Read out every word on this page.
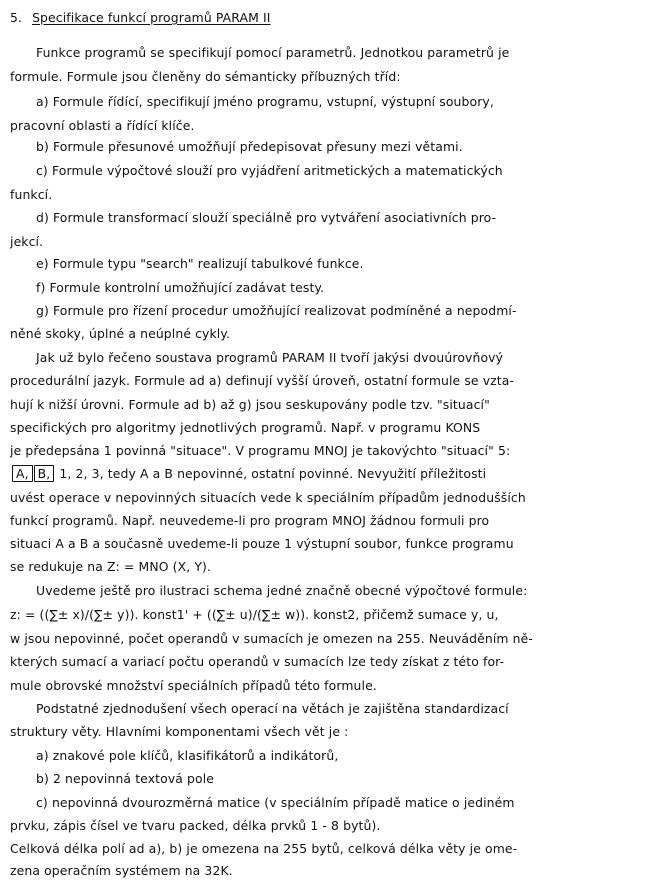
5. Specifikace funkcí programů PARAM II
Funkce programů se specifikují pomocí parametrů. Jednotkou parametrů je
formule. Formule jsou členěny do sémanticky příbuzných tříd:
a) Formule řídící, specifikují jméno programu, vstupní, výstupní soubory,
pracovní oblasti a řídící klíče.
b) Formule přesunové umožňují předepisovat přesuny mezi větami.
c) Formule výpočtové slouží pro vyjádření aritmetických a matematických
funkcí.
d) Formule transformací slouží speciálně pro vytváření asociativních pro-
jekcí.
e) Formule typu "search" realizují tabulkové funkce.
f) Formule kontrolní umožňující zadávat testy.
g) Formule pro řízení procedur umožňující realizovat podmíněné a nepodmí-
něné skoky, úplné a neúplné cykly.
Jak už bylo řečeno soustava programů PARAM II tvoří jakýsi dvouúrovňový
procedurální jazyk. Formule ad a) definují vyšší úroveň, ostatní formule se vzta-
hují k nižší úrovni. Formule ad b) až g) jsou seskupovány podle tzv. "situací"
specifických pro algoritmy jednotlivých programů. Např. v programu KONS
je předepsána 1 povinná "situace". V programu MNOJ je takovýchto "situací" 5:
A, B, 1, 2, 3, tedy A a B nepovinné, ostatní povinné. Nevyužití příležitosti
uvést operace v nepovinných situacích vede k speciálním případům jednodušších
funkcí programů. Např. neuvedeme-li pro program MNOJ žádnou formuli pro
situaci A a B a současně uvedeme-li pouze 1 výstupní soubor, funkce programu
se redukuje na Z: = MNO (X, Y).
Uvedeme ještě pro ilustraci schema jedné značně obecné výpočtové formule:
z: = ((∑± x)/(∑± y)). konst1' + ((∑± u)/(∑± w)). konst2, přičemž sumace y, u,
w jsou nepovinné, počet operandů v sumacích je omezen na 255. Neuváděním ně-
kterých sumací a variací počtu operandů v sumacích lze tedy získat z této for-
mule obrovské množství speciálních případů této formule.
Podstatné zjednodušení všech operací na větách je zajištěna standardizací
struktury věty. Hlavními komponentami všech vět je :
a) znakové pole klíčů, klasifikátorů a indikátorů,
b) 2 nepovinná textová pole
c) nepovinná dvourozměrná matice (v speciálním případě matice o jediném
prvku, zápis čísel ve tvaru packed, délka prvků 1 - 8 bytů).
Celková délka polí ad a), b) je omezena na 255 bytů, celková délka věty je ome-
zena operačním systémem na 32K.
